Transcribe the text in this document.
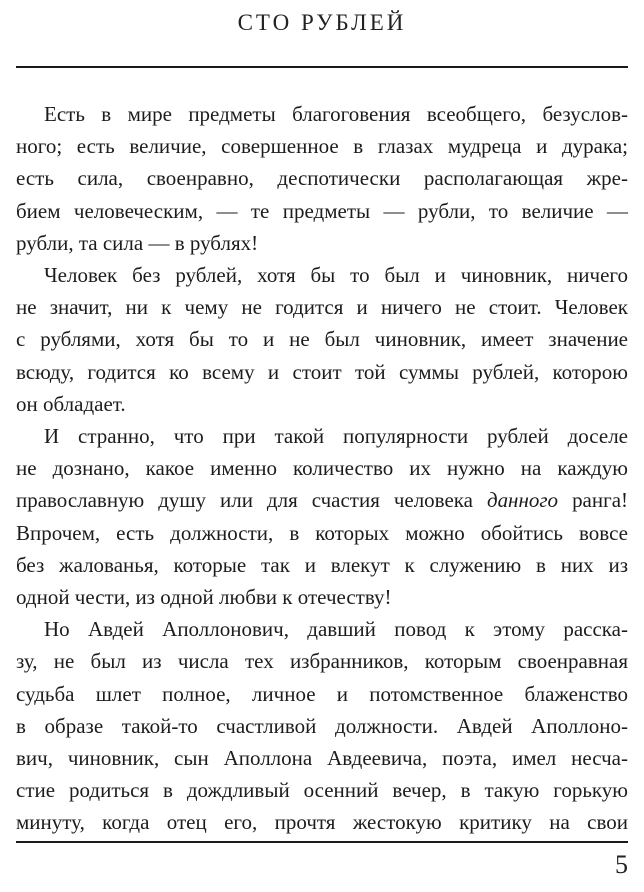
СТО РУБЛЕЙ
Есть в мире предметы благоговения всеобщего, безуслов-
ного; есть величие, совершенное в глазах мудреца и дурака;
есть сила, своенравно, деспотически располагающая жре-
бием человеческим, — те предметы — рубли, то величие —
рубли, та сила — в рублях!
Человек без рублей, хотя бы то был и чиновник, ничего
не значит, ни к чему не годится и ничего не стоит. Человек
с рублями, хотя бы то и не был чиновник, имеет значение
всюду, годится ко всему и стоит той суммы рублей, которою
он обладает.
И странно, что при такой популярности рублей доселе
не дознано, какое именно количество их нужно на каждую
православную душу или для счастия человека данного ранга!
Впрочем, есть должности, в которых можно обойтись вовсе
без жалованья, которые так и влекут к служению в них из
одной чести, из одной любви к отечеству!
Но Авдей Аполлонович, давший повод к этому расска-
зу, не был из числа тех избранников, которым своенравная
судьба шлет полное, личное и потомственное блаженство
в образе такой-то счастливой должности. Авдей Аполлоно-
вич, чиновник, сын Аполлона Авдеевича, поэта, имел несча-
стие родиться в дождливый осенний вечер, в такую горькую
минуту, когда отец его, прочтя жестокую критику на свои
5
